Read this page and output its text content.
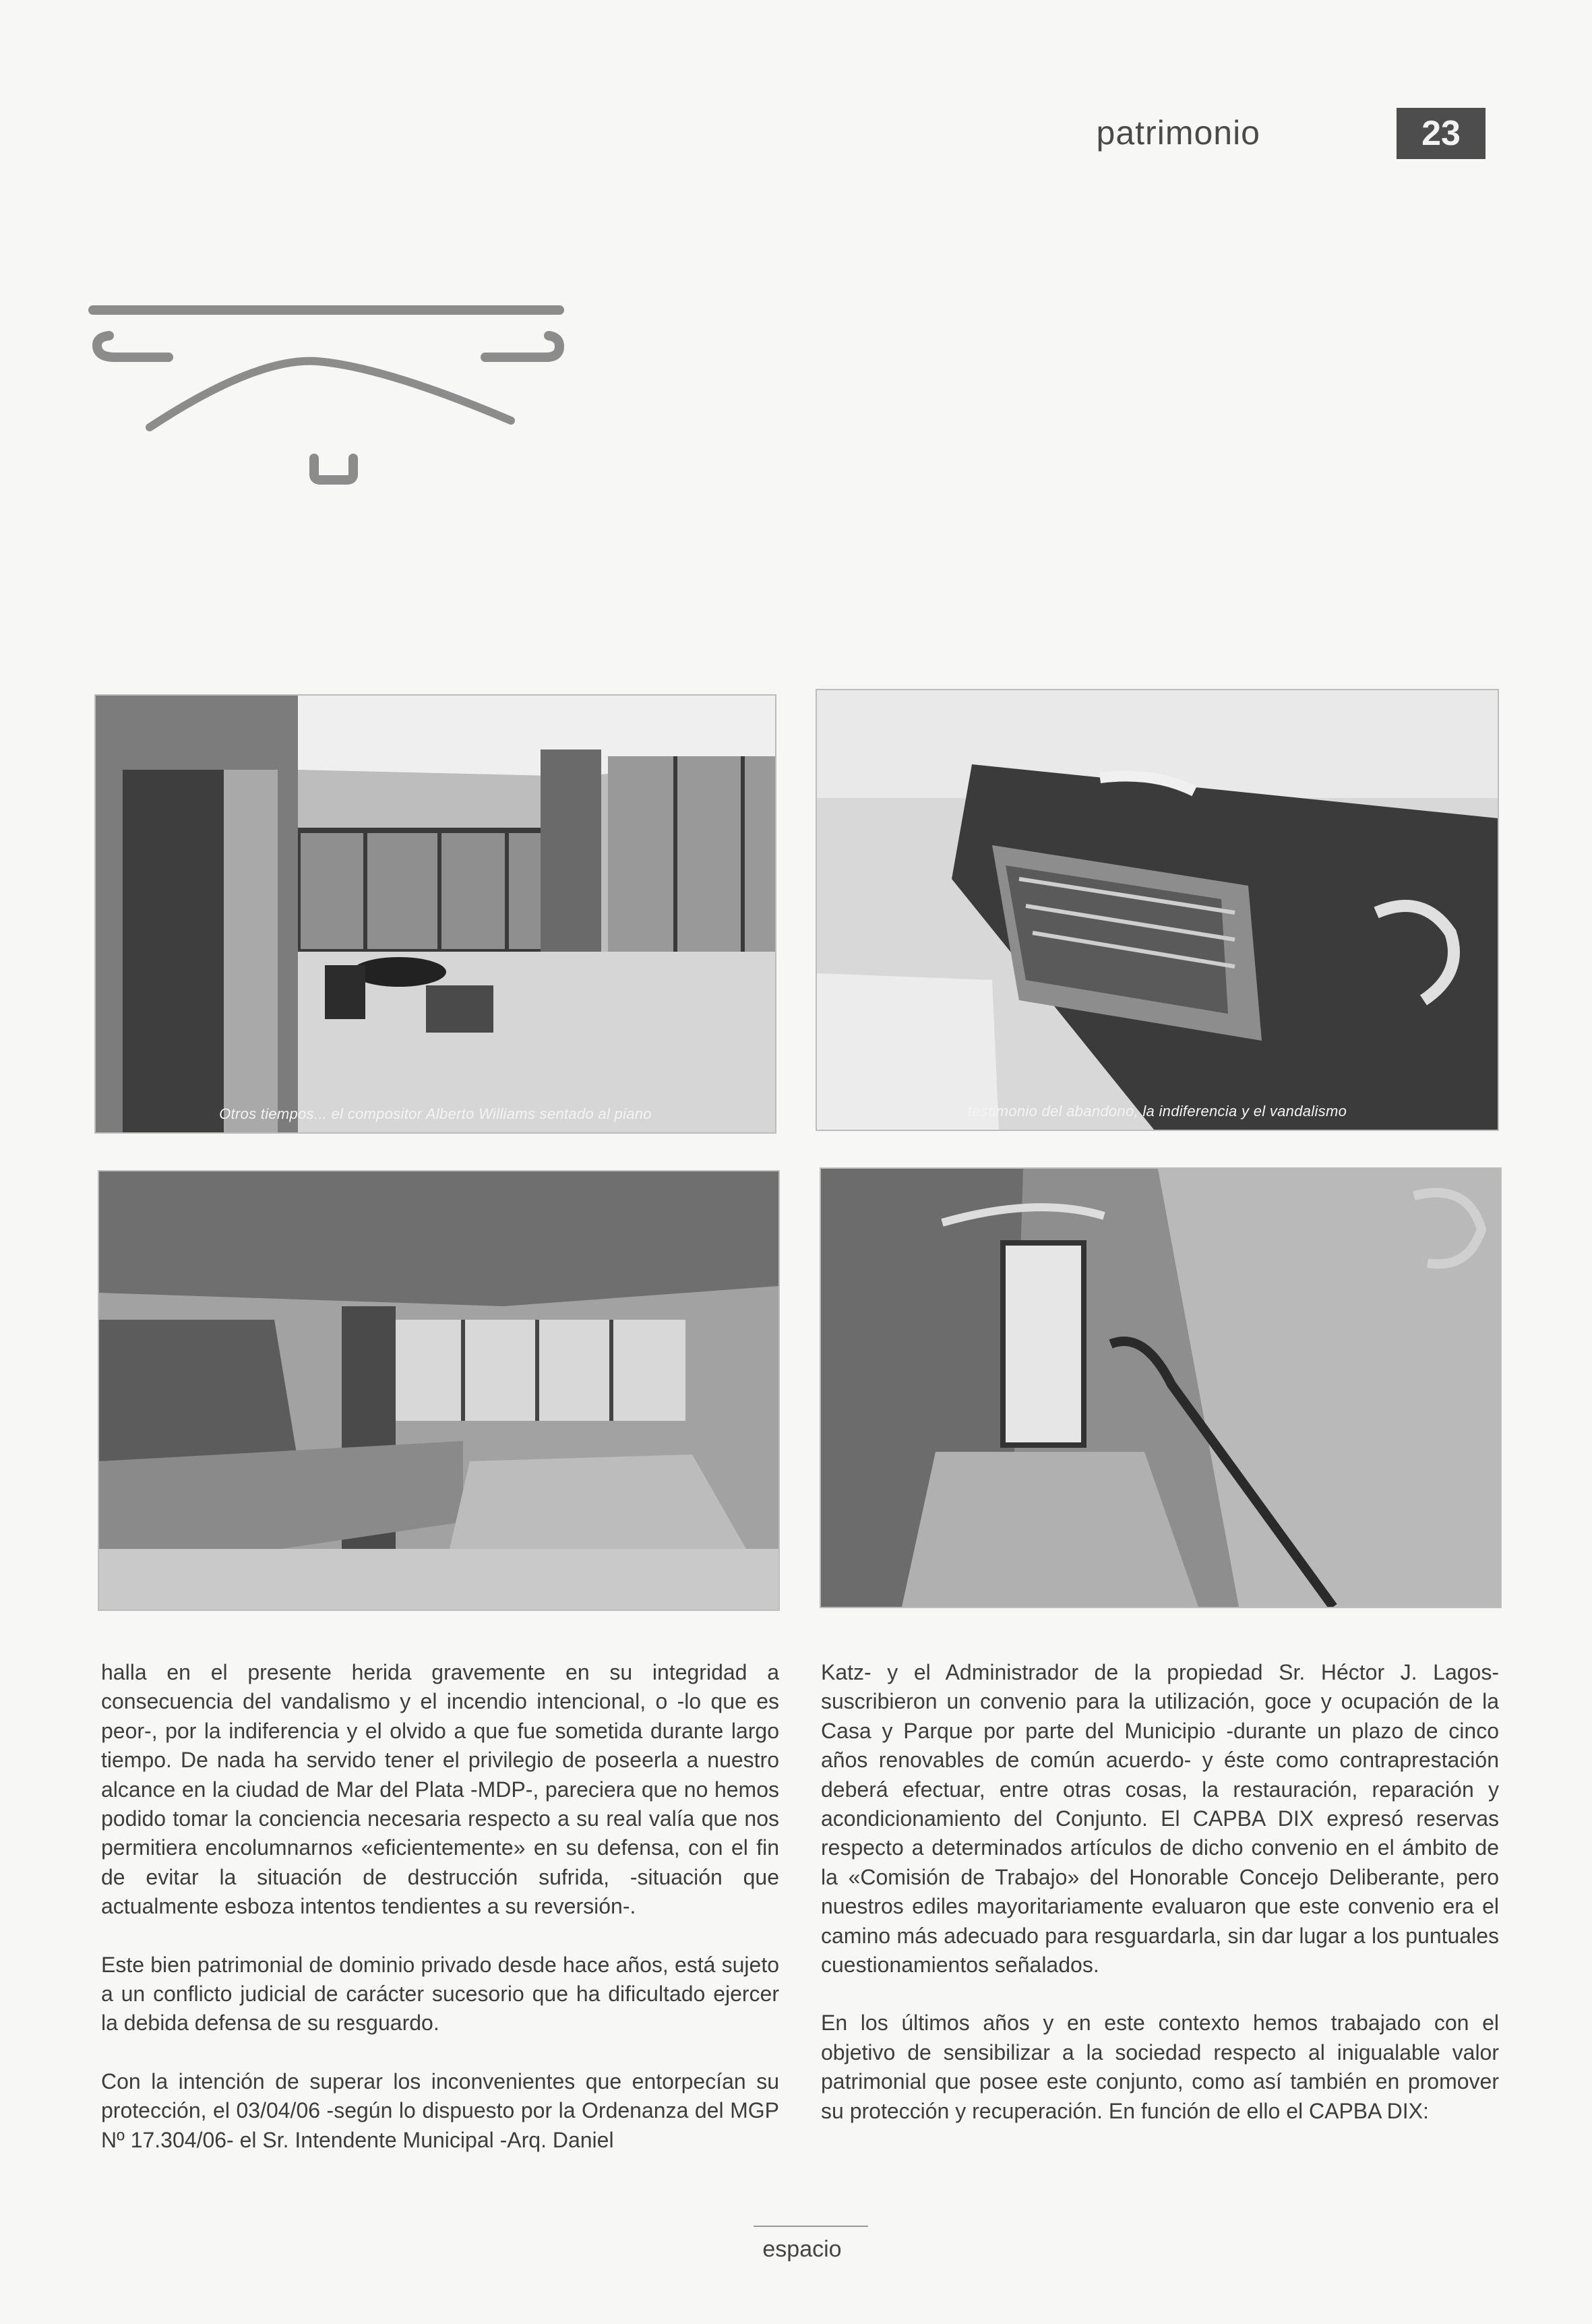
patrimonio	23
Otros tiempos... el compositor Alberto Williams sentado al piano	testimonio del abandono, la indiferencia y el vandalismo

halla en el presente herida gravemente en su integridad a consecuencia del vandalismo y el incendio intencional, o -lo que es peor-, por la indiferencia y el olvido a que fue sometida durante largo tiempo. De nada ha servido tener el privilegio de poseerla a nuestro alcance en la ciudad de Mar del Plata -MDP-, pareciera que no hemos podido tomar la conciencia necesaria respecto a su real valía que nos permitiera encolumnarnos «eficientemente» en su defensa, con el fin de evitar la situación de destrucción sufrida, -situación que actualmente esboza intentos tendientes a su reversión-.

Este bien patrimonial de dominio privado desde hace años, está sujeto a un conflicto judicial de carácter sucesorio que ha dificultado ejercer la debida defensa de su resguardo.

Con la intención de superar los inconvenientes que entorpecían su protección, el 03/04/06 -según lo dispuesto por la Ordenanza del MGP Nº 17.304/06- el Sr. Intendente Municipal -Arq. Daniel

Katz- y el Administrador de la propiedad Sr. Héctor J. Lagos- suscribieron un convenio para la utilización, goce y ocupación de la Casa y Parque por parte del Municipio -durante un plazo de cinco años renovables de común acuerdo- y éste como contraprestación deberá efectuar, entre otras cosas, la restauración, reparación y acondicionamiento del Conjunto. El CAPBA DIX expresó reservas respecto a determinados artículos de dicho convenio en el ámbito de la «Comisión de Trabajo» del Honorable Concejo Deliberante, pero nuestros ediles mayoritariamente evaluaron que este convenio era el camino más adecuado para resguardarla, sin dar lugar a los puntuales cuestionamientos señalados.

En los últimos años y en este contexto hemos trabajado con el objetivo de sensibilizar a la sociedad respecto al inigualable valor patrimonial que posee este conjunto, como así también en promover su protección y recuperación. En función de ello el CAPBA DIX:

espacio
